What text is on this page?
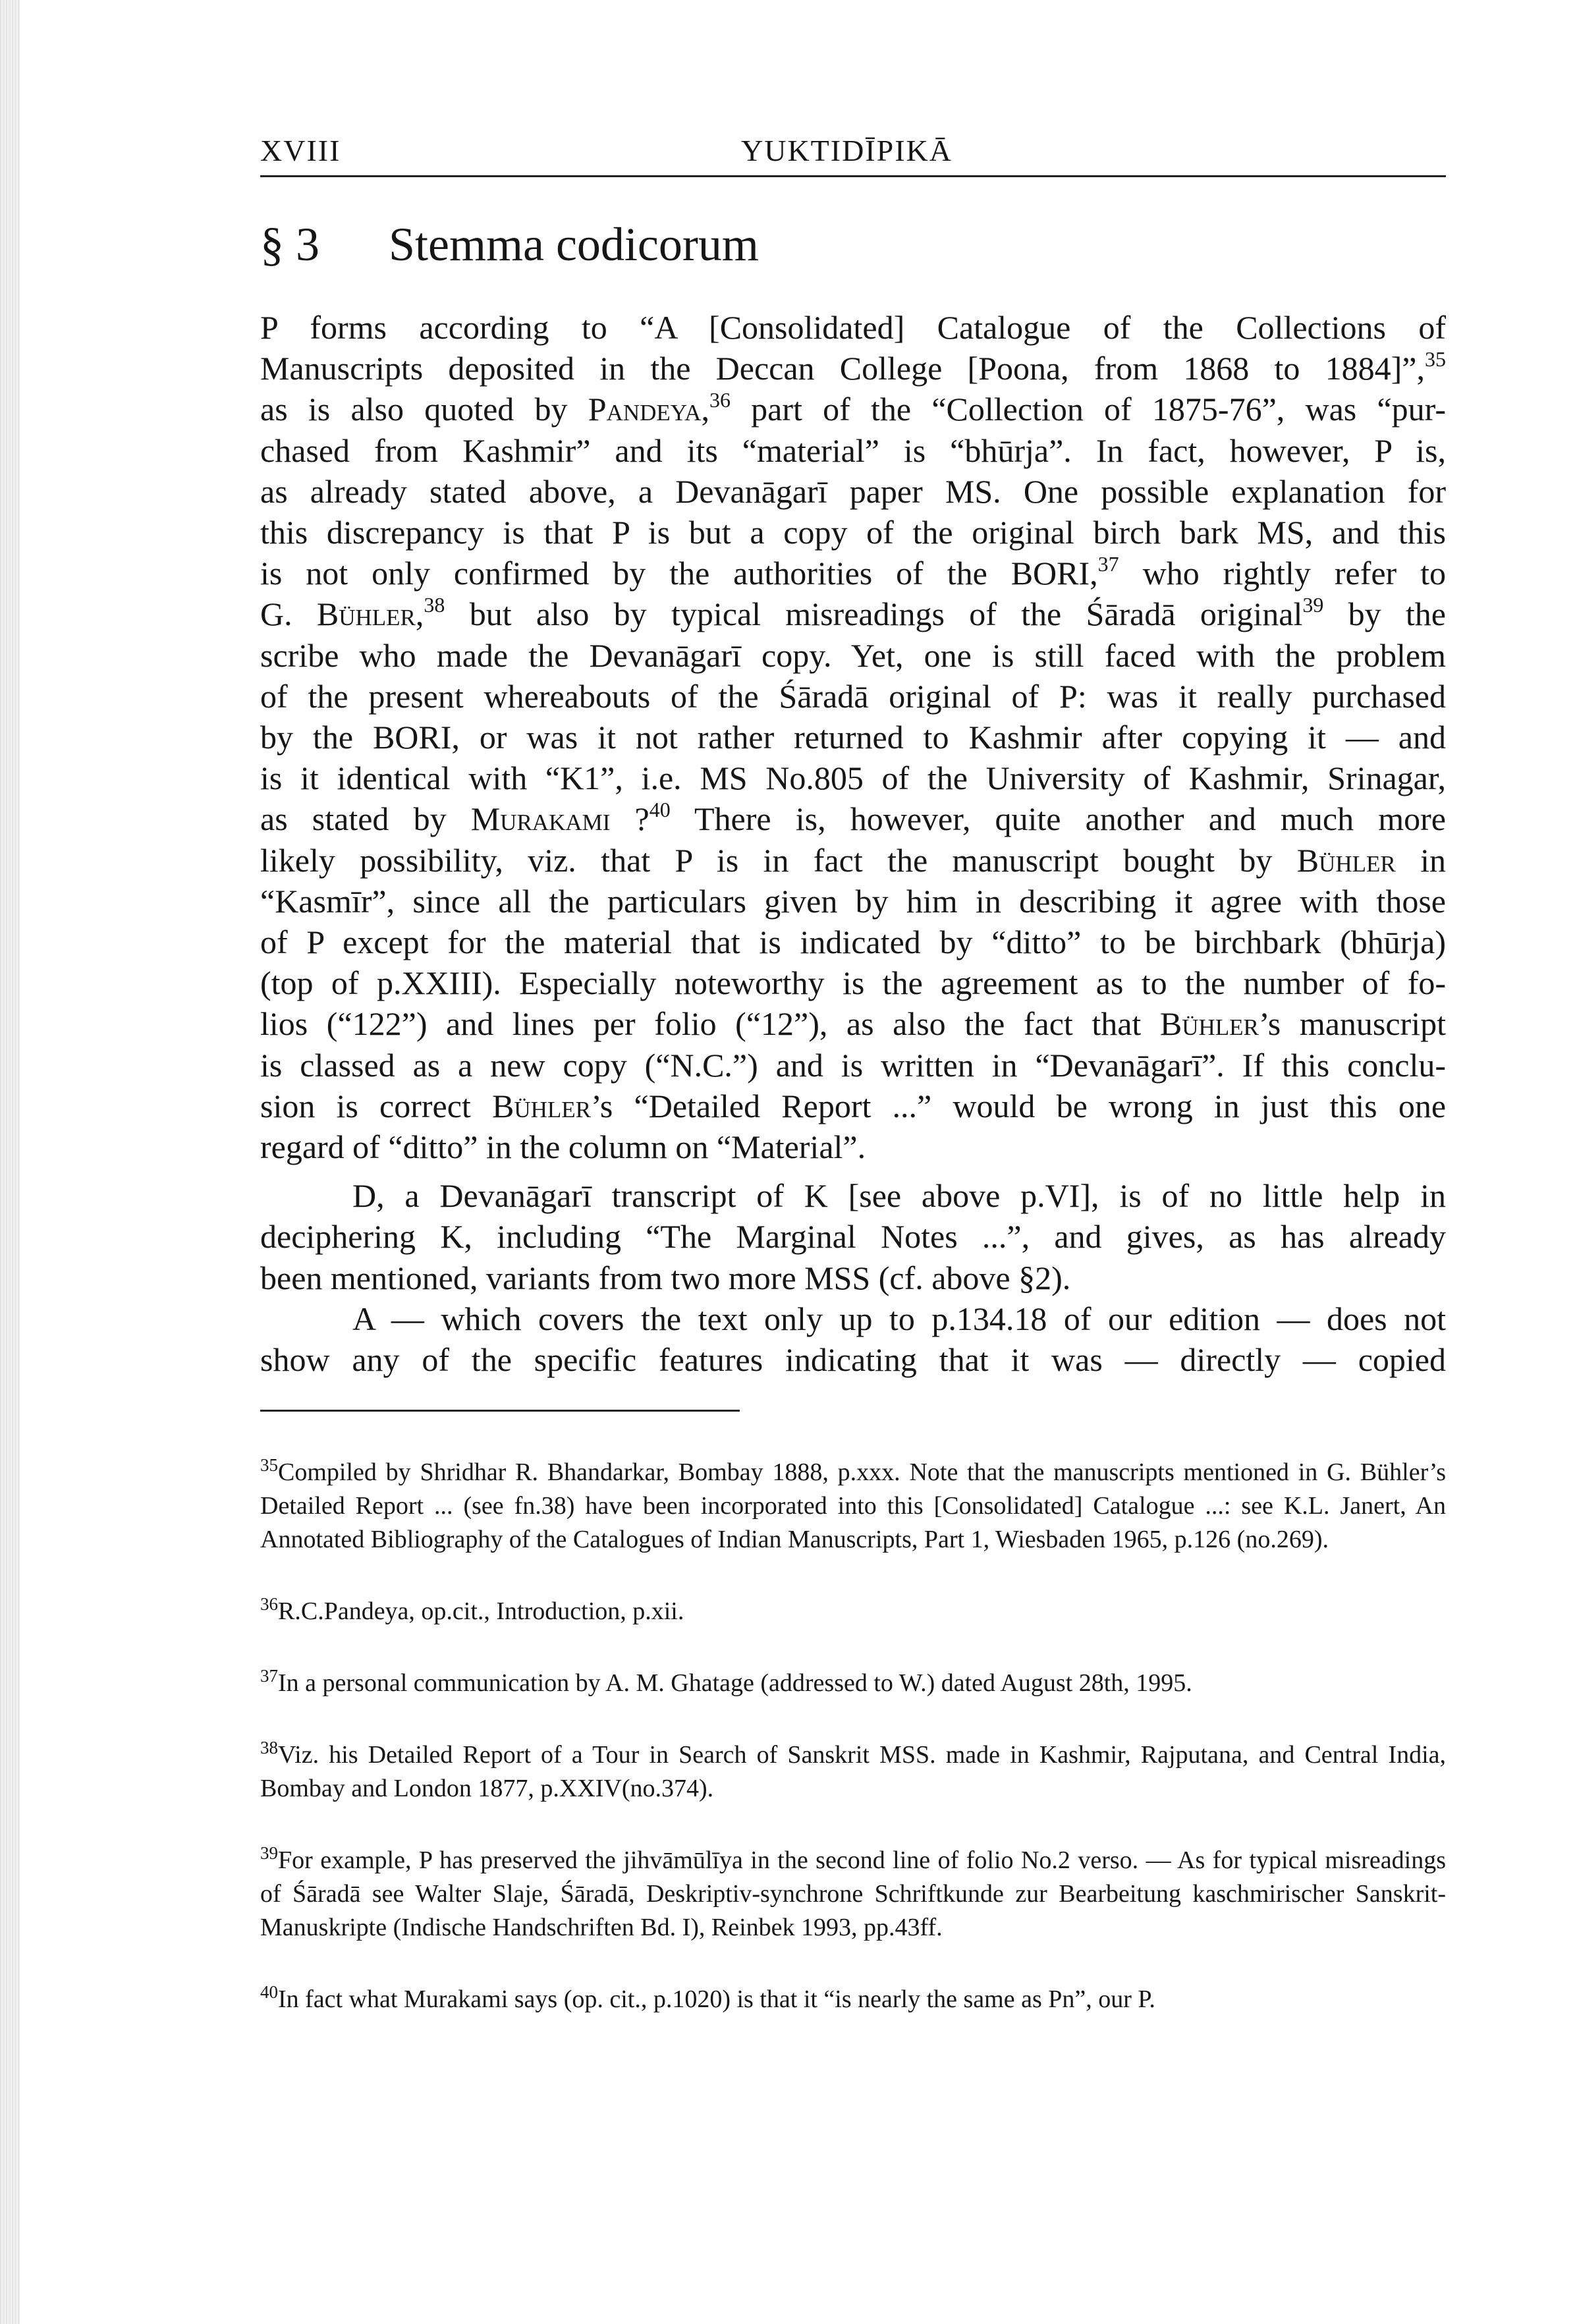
XVIII	YUKTIDĪPIKĀ
§ 3 Stemma codicorum

P forms according to “A [Consolidated] Catalogue of the Collections of

Manuscripts deposited in the Deccan College [Poona, from 1868 to 1884]”,$^{35}$

as is also quoted by Pandeya,$^{36}$ part of the “Collection of 1875-76”, was “pur-

chased from Kashmir” and its “material” is “bhūrja”. In fact, however, P is,

as already stated above, a Devanāgarī paper MS. One possible explanation for

this discrepancy is that P is but a copy of the original birch bark MS, and this

is not only confirmed by the authorities of the BORI,$^{37}$ who rightly refer to

G. Bühler,$^{38}$ but also by typical misreadings of the Śāradā original$^{39}$ by the

scribe who made the Devanāgarī copy. Yet, one is still faced with the problem

of the present whereabouts of the Śāradā original of P: was it really purchased

by the BORI, or was it not rather returned to Kashmir after copying it — and

is it identical with “K1”, i.e. MS No.805 of the University of Kashmir, Srinagar,

as stated by Murakami ?$^{40}$ There is, however, quite another and much more

likely possibility, viz. that P is in fact the manuscript bought by Bühler in

“Kasmīr”, since all the particulars given by him in describing it agree with those

of P except for the material that is indicated by “ditto” to be birchbark (bhūrja)

(top of p.XXIII). Especially noteworthy is the agreement as to the number of fo-

lios (“122”) and lines per folio (“12”), as also the fact that Bühler’s manuscript

is classed as a new copy (“N.C.”) and is written in “Devanāgarī”. If this conclu-

sion is correct Bühler’s “Detailed Report ...” would be wrong in just this one

regard of “ditto” in the column on “Material”.

D, a Devanāgarī transcript of K [see above p.VI], is of no little help in

deciphering K, including “The Marginal Notes ...”, and gives, as has already

been mentioned, variants from two more MSS (cf. above §2).

A — which covers the text only up to p.134.18 of our edition — does not

show any of the specific features indicating that it was — directly — copied

$^{35}$Compiled by Shridhar R. Bhandarkar, Bombay 1888, p.xxx. Note that the manuscripts mentioned in G. Bühler’s Detailed Report ... (see fn.38) have been incorporated into this [Consolidated] Catalogue ...: see K.L. Janert, An Annotated Bibliography of the Catalogues of Indian Manuscripts, Part 1, Wiesbaden 1965, p.126 (no.269).

$^{36}$R.C.Pandeya, op.cit., Introduction, p.xii.

$^{37}$In a personal communication by A. M. Ghatage (addressed to W.) dated August 28th, 1995.

$^{38}$Viz. his Detailed Report of a Tour in Search of Sanskrit MSS. made in Kashmir, Rajputana, and Central India, Bombay and London 1877, p.XXIV(no.374).

$^{39}$For example, P has preserved the jihvāmūlīya in the second line of folio No.2 verso. — As for typical misreadings of Śāradā see Walter Slaje, Śāradā, Deskriptiv-synchrone Schriftkunde zur Bearbeitung kaschmirischer Sanskrit-Manuskripte (Indische Handschriften Bd. I), Reinbek 1993, pp.43ff.

$^{40}$In fact what Murakami says (op. cit., p.1020) is that it “is nearly the same as Pn”, our P.
